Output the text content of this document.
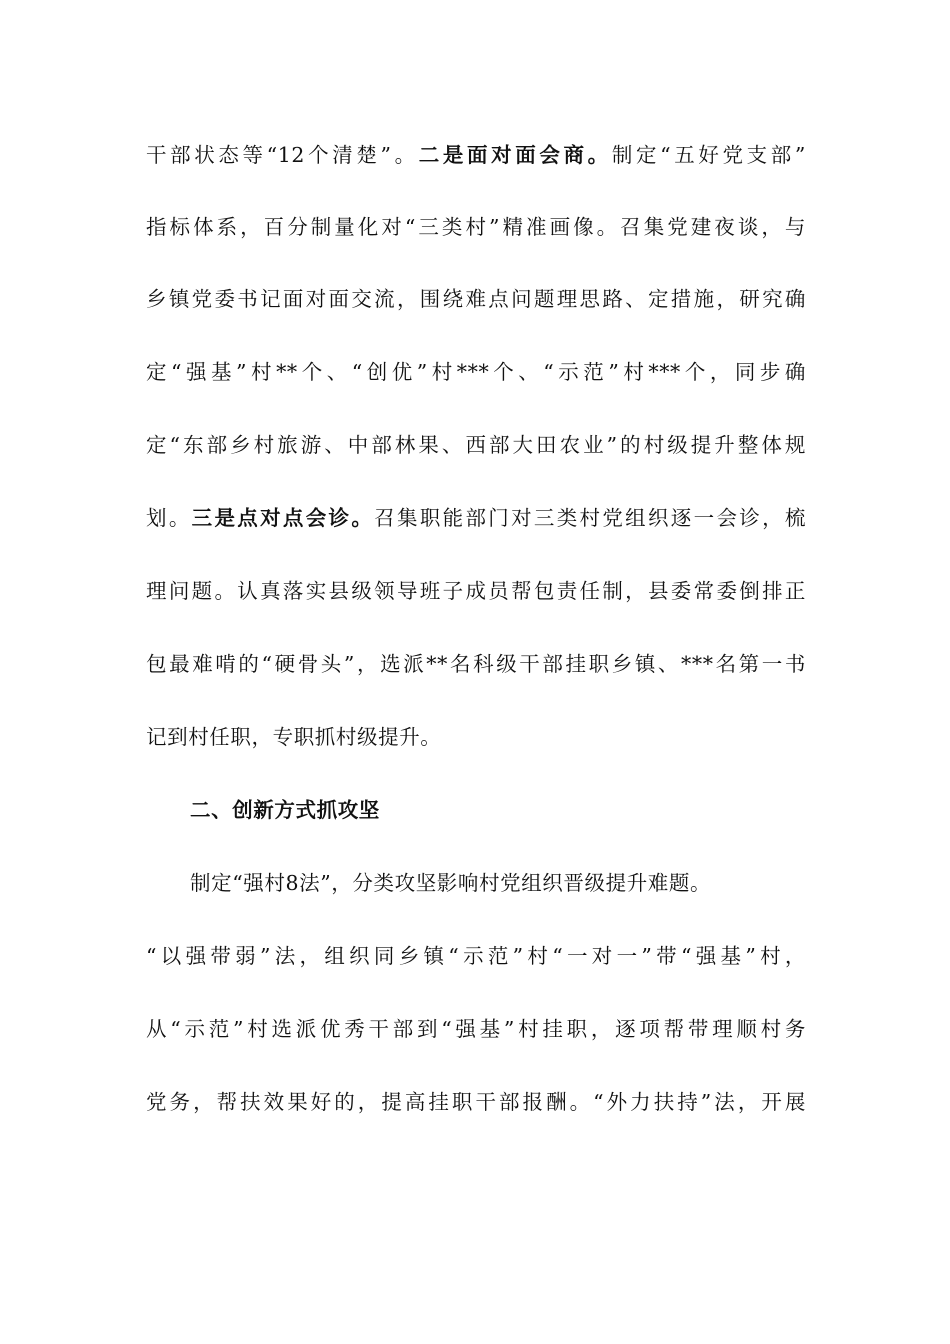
干部状态等“12个清楚”。二是面对面会商。制定“五好党支部”
指标体系，百分制量化对“三类村”精准画像。召集党建夜谈，与
乡镇党委书记面对面交流，围绕难点问题理思路、定措施，研究确
定“强基”村**个、“创优”村***个、“示范”村***个，同步确
定“东部乡村旅游、中部林果、西部大田农业”的村级提升整体规
划。三是点对点会诊。召集职能部门对三类村党组织逐一会诊，梳
理问题。认真落实县级领导班子成员帮包责任制，县委常委倒排正
包最难啃的“硬骨头”，选派**名科级干部挂职乡镇、***名第一书
记到村任职，专职抓村级提升。
二、创新方式抓攻坚
制定“强村8法”，分类攻坚影响村党组织晋级提升难题。
“以强带弱”法，组织同乡镇“示范”村“一对一”带“强基”村，
从“示范”村选派优秀干部到“强基”村挂职，逐项帮带理顺村务
党务，帮扶效果好的，提高挂职干部报酬。“外力扶持”法，开展
